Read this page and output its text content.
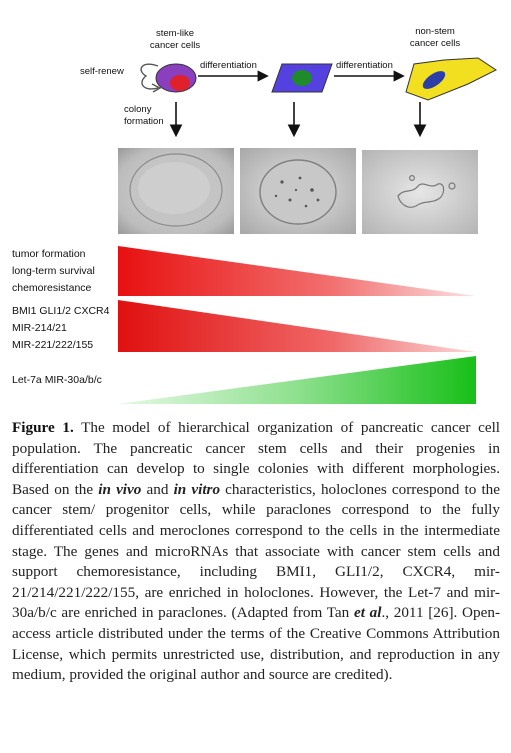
stem-like
cancer cells
non-stem
cancer cells
self-renew
colony
formation
differentiation	differentiation
tumor formation
long-term survival
chemoresistance
BMI1 GLI1/2 CXCR4
MIR-214/21
MIR-221/222/155
Let-7a MIR-30a/b/c
Figure 1. The model of hierarchical organization of pancreatic cancer cell population. The pancreatic cancer stem cells and their progenies in differentiation can develop to single colonies with different morphologies. Based on the in vivo and in vitro characteristics, holoclones correspond to the cancer stem/ progenitor cells, while paraclones correspond to the fully differentiated cells and meroclones correspond to the cells in the intermediate stage. The genes and microRNAs that associate with cancer stem cells and support chemoresistance, including BMI1, GLI1/2, CXCR4, mir-21/214/221/222/155, are enriched in holoclones. However, the Let-7 and mir-30a/b/c are enriched in paraclones. (Adapted from Tan et al., 2011 [26]. Open-access article distributed under the terms of the Creative Commons Attribution License, which permits unrestricted use, distribution, and reproduction in any medium, provided the original author and source are credited).
